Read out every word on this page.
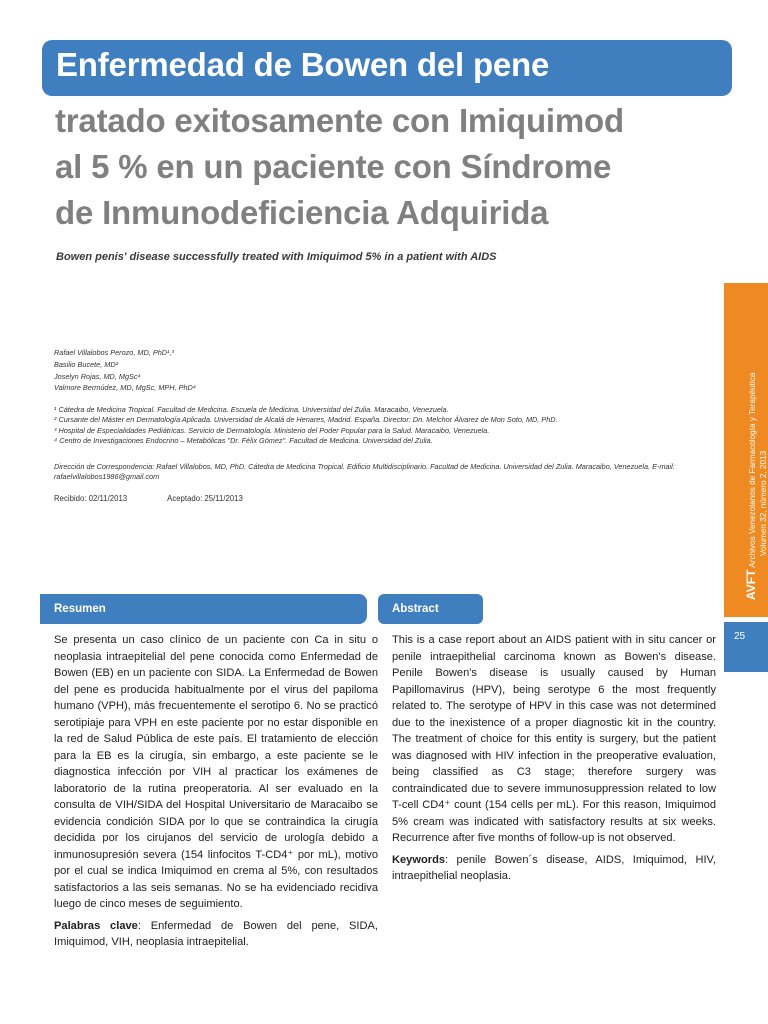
Enfermedad de Bowen del pene
tratado exitosamente con Imiquimod
al 5 % en un paciente con Síndrome
de Inmunodeficiencia Adquirida
Bowen penis' disease successfully treated with Imiquimod 5% in a patient with AIDS
Rafael Villalobos Perozo, MD, PhD¹,³
Basilio Bucete, MD²
Joselyn Rojas, MD, MgSc⁴
Valmore Bermúdez, MD, MgSc, MPH, PhD⁴
¹ Cátedra de Medicina Tropical. Facultad de Medicina. Escuela de Medicina. Universidad del Zulia. Maracaibo, Venezuela.
² Cursante del Máster en Dermatología Aplicada. Universidad de Alcalá de Henares, Madrid. España. Director: Dn. Melchor Álvarez de Mon Soto, MD, PhD.
³ Hospital de Especialidades Pediátricas. Servicio de Dermatología. Ministerio del Poder Popular para la Salud. Maracaibo, Venezuela.
⁴ Centro de Investigaciones Endocrino – Metabólicas "Dr. Félix Gómez". Facultad de Medicina. Universidad del Zulia.
Dirección de Correspondencia: Rafael Villalobos, MD, PhD. Cátedra de Medicina Tropical. Edificio Multidisciplinario. Facultad de Medicina. Universidad del Zulia. Maracaibo, Venezuela. E-mail: rafaelvillalobos1986@gmail.com
Recibido: 02/11/2013	Aceptado: 25/11/2013
AVFT Archivos Venezolanos de Farmacología y Terapéutica Volumen 32, número 2, 2013
25
Resumen	Abstract

Se presenta un caso clínico de un paciente con Ca in situ o neoplasia intraepitelial del pene conocida como Enfermedad de Bowen (EB) en un paciente con SIDA. La Enfermedad de Bowen del pene es producida habitualmente por el virus del papiloma humano (VPH), más frecuentemente el serotipo 6. No se practicó serotipiaje para VPH en este paciente por no estar disponible en la red de Salud Pública de este país. El tratamiento de elección para la EB es la cirugía, sin embargo, a este paciente se le diagnostica infección por VIH al practicar los exámenes de laboratorio de la rutina preoperatoria. Al ser evaluado en la consulta de VIH/SIDA del Hospital Universitario de Maracaibo se evidencia condición SIDA por lo que se contraindica la cirugía decidida por los cirujanos del servicio de urología debido a inmunosupresión severa (154 linfocitos T-CD4⁺ por mL), motivo por el cual se indica Imiquimod en crema al 5%, con resultados satisfactorios a las seis semanas. No se ha evidenciado recidiva luego de cinco meses de seguimiento.

Palabras clave: Enfermedad de Bowen del pene, SIDA, Imiquimod, VIH, neoplasia intraepitelial.

This is a case report about an AIDS patient with in situ cancer or penile intraepithelial carcinoma known as Bowen's disease. Penile Bowen's disease is usually caused by Human Papillomavirus (HPV), being serotype 6 the most frequently related to. The serotype of HPV in this case was not determined due to the inexistence of a proper diagnostic kit in the country. The treatment of choice for this entity is surgery, but the patient was diagnosed with HIV infection in the preoperative evaluation, being classified as C3 stage; therefore surgery was contraindicated due to severe immunosuppression related to low T-cell CD4⁺ count (154 cells per mL). For this reason, Imiquimod 5% cream was indicated with satisfactory results at six weeks. Recurrence after five months of follow-up is not observed.

Keywords: penile Bowen´s disease, AIDS, Imiquimod, HIV, intraepithelial neoplasia.
